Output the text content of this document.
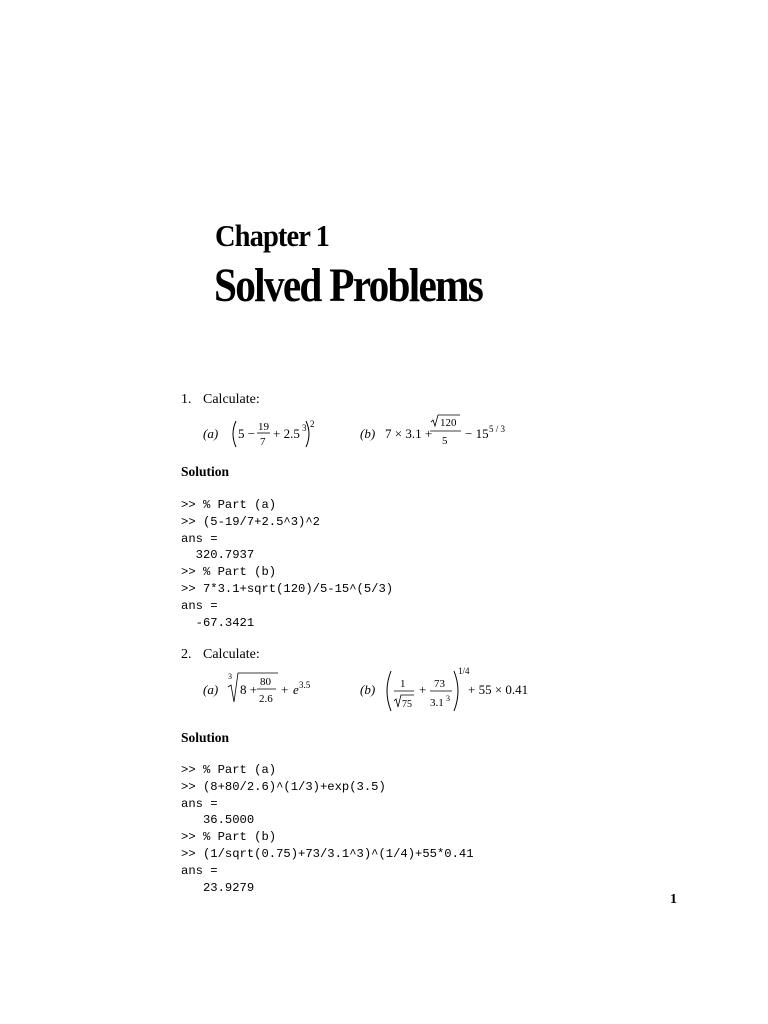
Chapter 1
Solved Problems
1. Calculate:
(a) 5 − 19
7
+ 2.5 3 2
(b) 7 × 3.1 +
120
5 − 15 5 / 3
Solution
>> % Part (a)
>> (5-19/7+2.5^3)^2
ans =
320.7937
>> % Part (b)
>> 7*3.1+sqrt(120)/5-15^(5/3)
ans =
-67.3421
2. Calculate:
(a)
3
8 + 80
2.6
+ e 3.5	(b) 1
75
+ 73
3.1 3
1/4
+ 55 × 0.41
Solution
>> % Part (a)
>> (8+80/2.6)^(1/3)+exp(3.5)
ans =
36.5000
>> % Part (b)
>> (1/sqrt(0.75)+73/3.1^3)^(1/4)+55*0.41
ans =
23.9279
1
